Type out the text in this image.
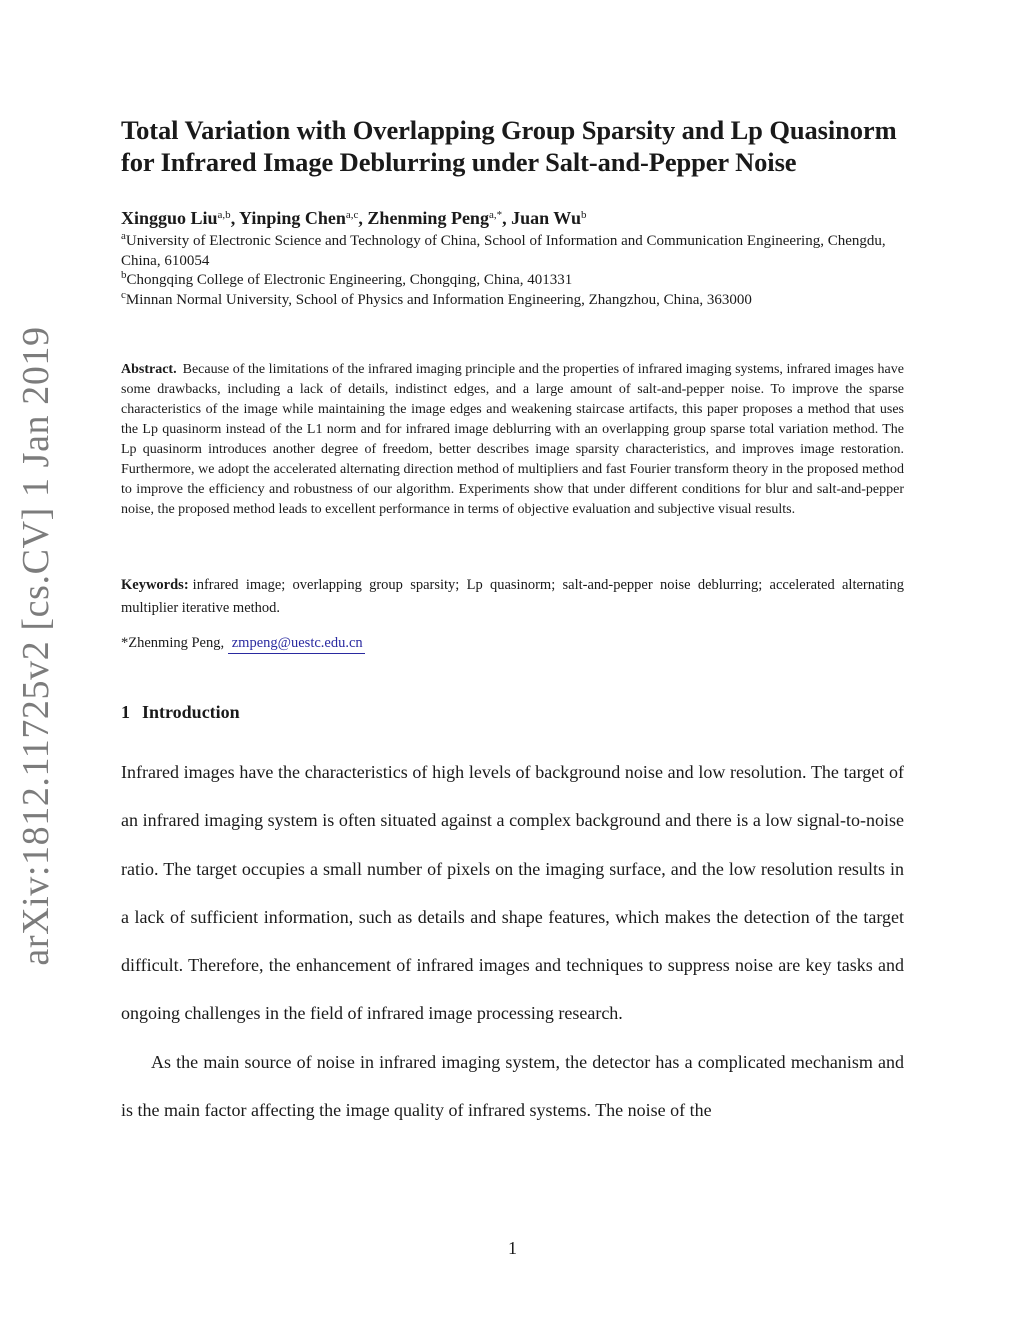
Total Variation with Overlapping Group Sparsity and Lp Quasinorm
for Infrared Image Deblurring under Salt-and-Pepper Noise
Xingguo Liu$^{a,b}$, Yinping Chen$^{a,c}$, Zhenming Peng$^{a,*}$, Juan Wu$^b$

$^a$University of Electronic Science and Technology of China, School of Information and Communication Engineering, Chengdu, China, 610054

$^b$Chongqing College of Electronic Engineering, Chongqing, China, 401331

$^c$Minnan Normal University, School of Physics and Information Engineering, Zhangzhou, China, 363000

Abstract. Because of the limitations of the infrared imaging principle and the properties of infrared imaging systems, infrared images have some drawbacks, including a lack of details, indistinct edges, and a large amount of salt-and-pepper noise. To improve the sparse characteristics of the image while maintaining the image edges and weakening staircase artifacts, this paper proposes a method that uses the Lp quasinorm instead of the L1 norm and for infrared image deblurring with an overlapping group sparse total variation method. The Lp quasinorm introduces another degree of freedom, better describes image sparsity characteristics, and improves image restoration. Furthermore, we adopt the accelerated alternating direction method of multipliers and fast Fourier transform theory in the proposed method to improve the efficiency and robustness of our algorithm. Experiments show that under different conditions for blur and salt-and-pepper noise, the proposed method leads to excellent performance in terms of objective evaluation and subjective visual results.
Keywords: infrared image; overlapping group sparsity; Lp quasinorm; salt-and-pepper noise deblurring; accelerated alternating multiplier iterative method.
*Zhenming Peng, zmpeng@uestc.edu.cn
1 Introduction

Infrared images have the characteristics of high levels of background noise and low resolution. The target of an infrared imaging system is often situated against a complex background and there is a low signal-to-noise ratio. The target occupies a small number of pixels on the imaging surface, and the low resolution results in a lack of sufficient information, such as details and shape features, which makes the detection of the target difficult. Therefore, the enhancement of infrared images and techniques to suppress noise are key tasks and ongoing challenges in the field of infrared image processing research.

As the main source of noise in infrared imaging system, the detector has a complicated mechanism and is the main factor affecting the image quality of infrared systems. The noise of the

1
arXiv:1812.11725v2 [cs.CV] 1 Jan 2019
